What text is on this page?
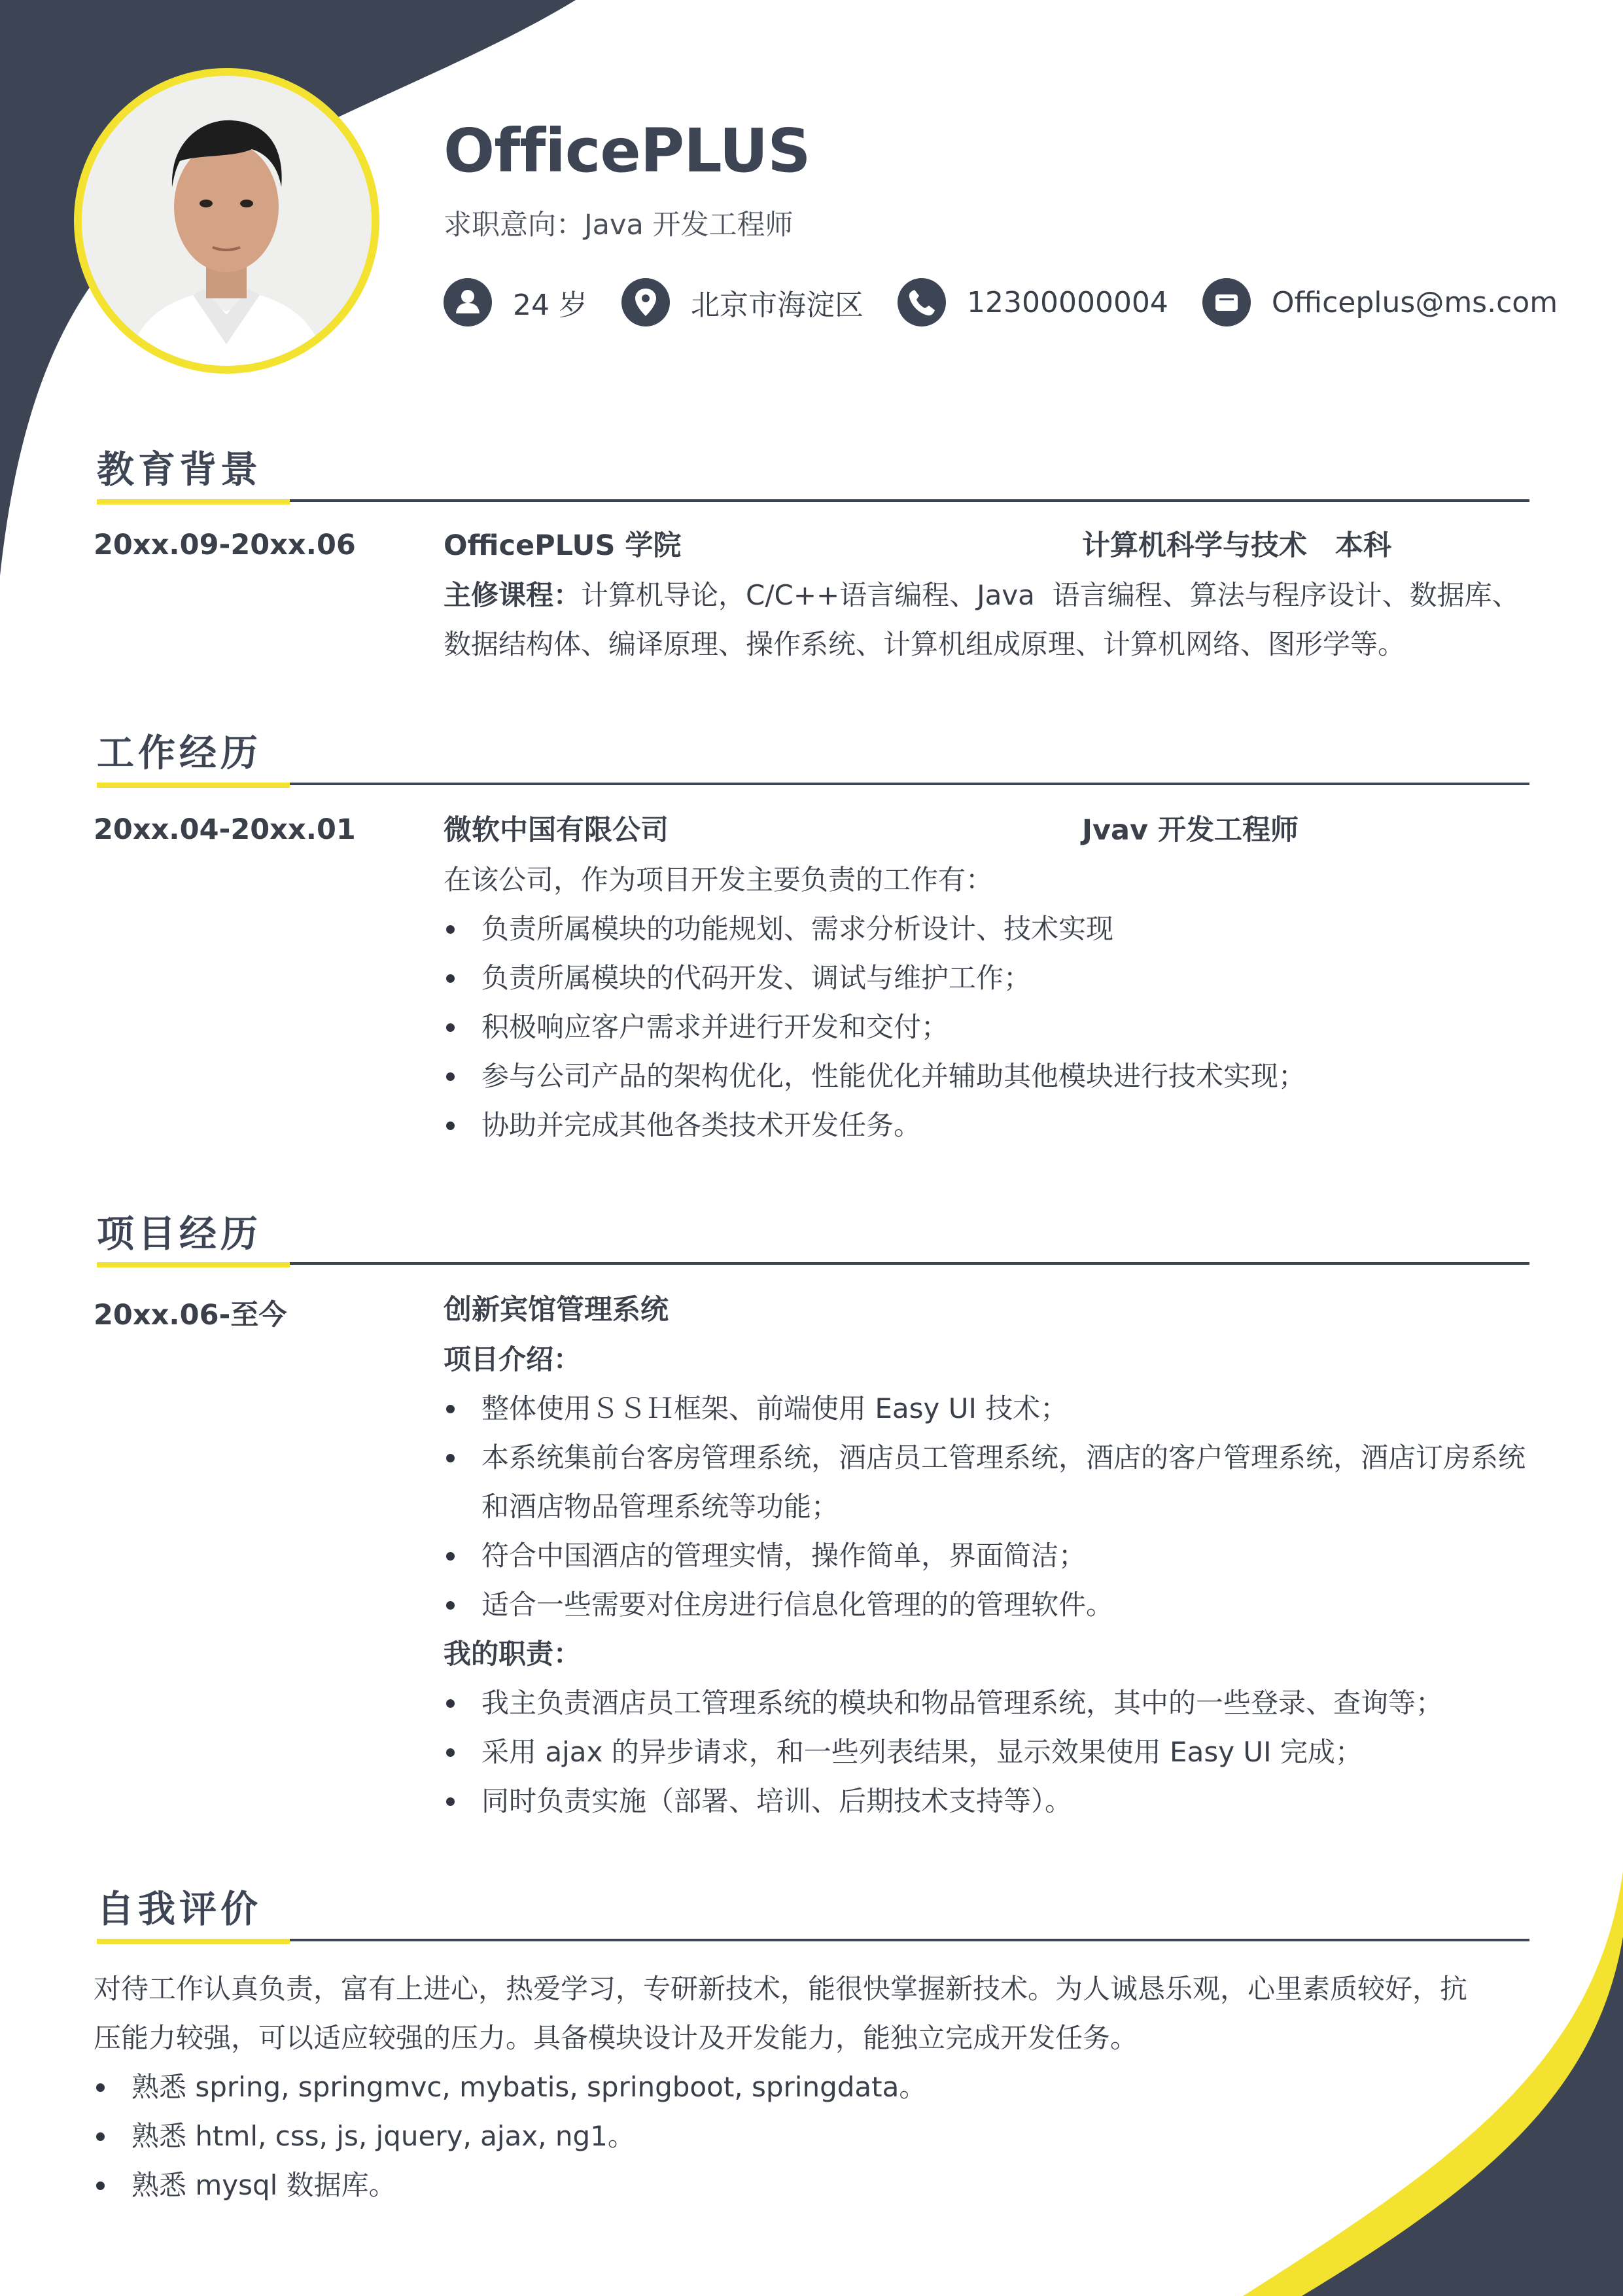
OfficePLUS
求职意向：Java 开发工程师
24 岁	北京市海淀区	12300000004	Officeplus@ms.com
教育背景
20xx.09-20xx.06	OfficePLUS 学院	计算机科学与技术　本科
主修课程：计算机导论，C/C++语言编程、Java  语言编程、算法与程序设计、数据库、
数据结构体、编译原理、操作系统、计算机组成原理、计算机网络、图形学等。
工作经历
20xx.04-20xx.01	微软中国有限公司	Jvav 开发工程师
在该公司，作为项目开发主要负责的工作有：
负责所属模块的功能规划、需求分析设计、技术实现
负责所属模块的代码开发、调试与维护工作；
积极响应客户需求并进行开发和交付；
参与公司产品的架构优化，性能优化并辅助其他模块进行技术实现；
协助并完成其他各类技术开发任务。
项目经历
20xx.06-至今	创新宾馆管理系统
项目介绍：
整体使用ＳＳＨ框架、前端使用 Easy UI 技术；
本系统集前台客房管理系统，酒店员工管理系统，酒店的客户管理系统，酒店订房系统和酒店物品管理系统等功能；
符合中国酒店的管理实情，操作简单，界面简洁；
适合一些需要对住房进行信息化管理的的管理软件。
我的职责：
我主负责酒店员工管理系统的模块和物品管理系统，其中的一些登录、查询等；
采用 ajax 的异步请求，和一些列表结果，显示效果使用 Easy UI 完成；
同时负责实施（部署、培训、后期技术支持等）。
自我评价
对待工作认真负责，富有上进心，热爱学习，专研新技术，能很快掌握新技术。为人诚恳乐观，心里素质较好，抗
压能力较强，可以适应较强的压力。具备模块设计及开发能力，能独立完成开发任务。
熟悉 spring, springmvc, mybatis, springboot, springdata。
熟悉 html, css, js, jquery, ajax, ng1。
熟悉 mysql 数据库。
